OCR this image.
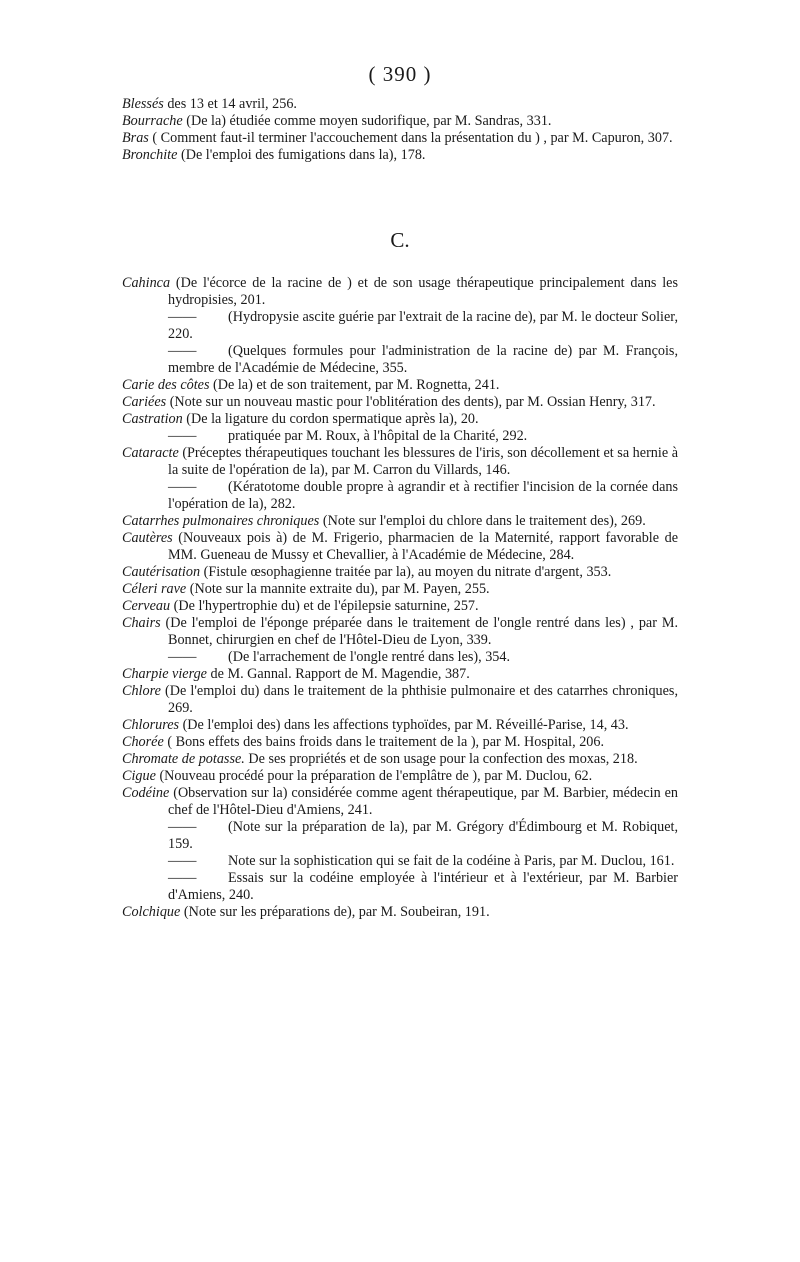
( 390 )
Blessés des 13 et 14 avril, 256.
Bourrache (De la) étudiée comme moyen sudorifique, par M. Sandras, 331.
Bras ( Comment faut-il terminer l'accouchement dans la présentation du ) , par M. Capuron, 307.
Bronchite (De l'emploi des fumigations dans la), 178.
C.
Cahinca (De l'écorce de la racine de ) et de son usage thérapeutique principalement dans les hydropisies, 201.
—— (Hydropysie ascite guérie par l'extrait de la racine de), par M. le docteur Solier, 220.
—— (Quelques formules pour l'administration de la racine de) par M. François, membre de l'Académie de Médecine, 355.
Carie des côtes (De la) et de son traitement, par M. Rognetta, 241.
Cariées (Note sur un nouveau mastic pour l'oblitération des dents), par M. Ossian Henry, 317.
Castration (De la ligature du cordon spermatique après la), 20.
—— pratiquée par M. Roux, à l'hôpital de la Charité, 292.
Cataracte (Préceptes thérapeutiques touchant les blessures de l'iris, son décollement et sa hernie à la suite de l'opération de la), par M. Carron du Villards, 146.
—— (Kératotome double propre à agrandir et à rectifier l'incision de la cornée dans l'opération de la), 282.
Catarrhes pulmonaires chroniques (Note sur l'emploi du chlore dans le traitement des), 269.
Cautères (Nouveaux pois à) de M. Frigerio, pharmacien de la Maternité, rapport favorable de MM. Gueneau de Mussy et Chevallier, à l'Académie de Médecine, 284.
Cautérisation (Fistule œsophagienne traitée par la), au moyen du nitrate d'argent, 353.
Céleri rave (Note sur la mannite extraite du), par M. Payen, 255.
Cerveau (De l'hypertrophie du) et de l'épilepsie saturnine, 257.
Chairs (De l'emploi de l'éponge préparée dans le traitement de l'ongle rentré dans les) , par M. Bonnet, chirurgien en chef de l'Hôtel-Dieu de Lyon, 339.
—— (De l'arrachement de l'ongle rentré dans les), 354.
Charpie vierge de M. Gannal. Rapport de M. Magendie, 387.
Chlore (De l'emploi du) dans le traitement de la phthisie pulmonaire et des catarrhes chroniques, 269.
Chlorures (De l'emploi des) dans les affections typhoïdes, par M. Réveillé-Parise, 14, 43.
Chorée ( Bons effets des bains froids dans le traitement de la ), par M. Hospital, 206.
Chromate de potasse. De ses propriétés et de son usage pour la confection des moxas, 218.
Cigue (Nouveau procédé pour la préparation de l'emplâtre de ), par M. Duclou, 62.
Codéine (Observation sur la) considérée comme agent thérapeutique, par M. Barbier, médecin en chef de l'Hôtel-Dieu d'Amiens, 241.
—— (Note sur la préparation de la), par M. Grégory d'Édimbourg et M. Robiquet, 159.
—— Note sur la sophistication qui se fait de la codéine à Paris, par M. Duclou, 161.
—— Essais sur la codéine employée à l'intérieur et à l'extérieur, par M. Barbier d'Amiens, 240.
Colchique (Note sur les préparations de), par M. Soubeiran, 191.
